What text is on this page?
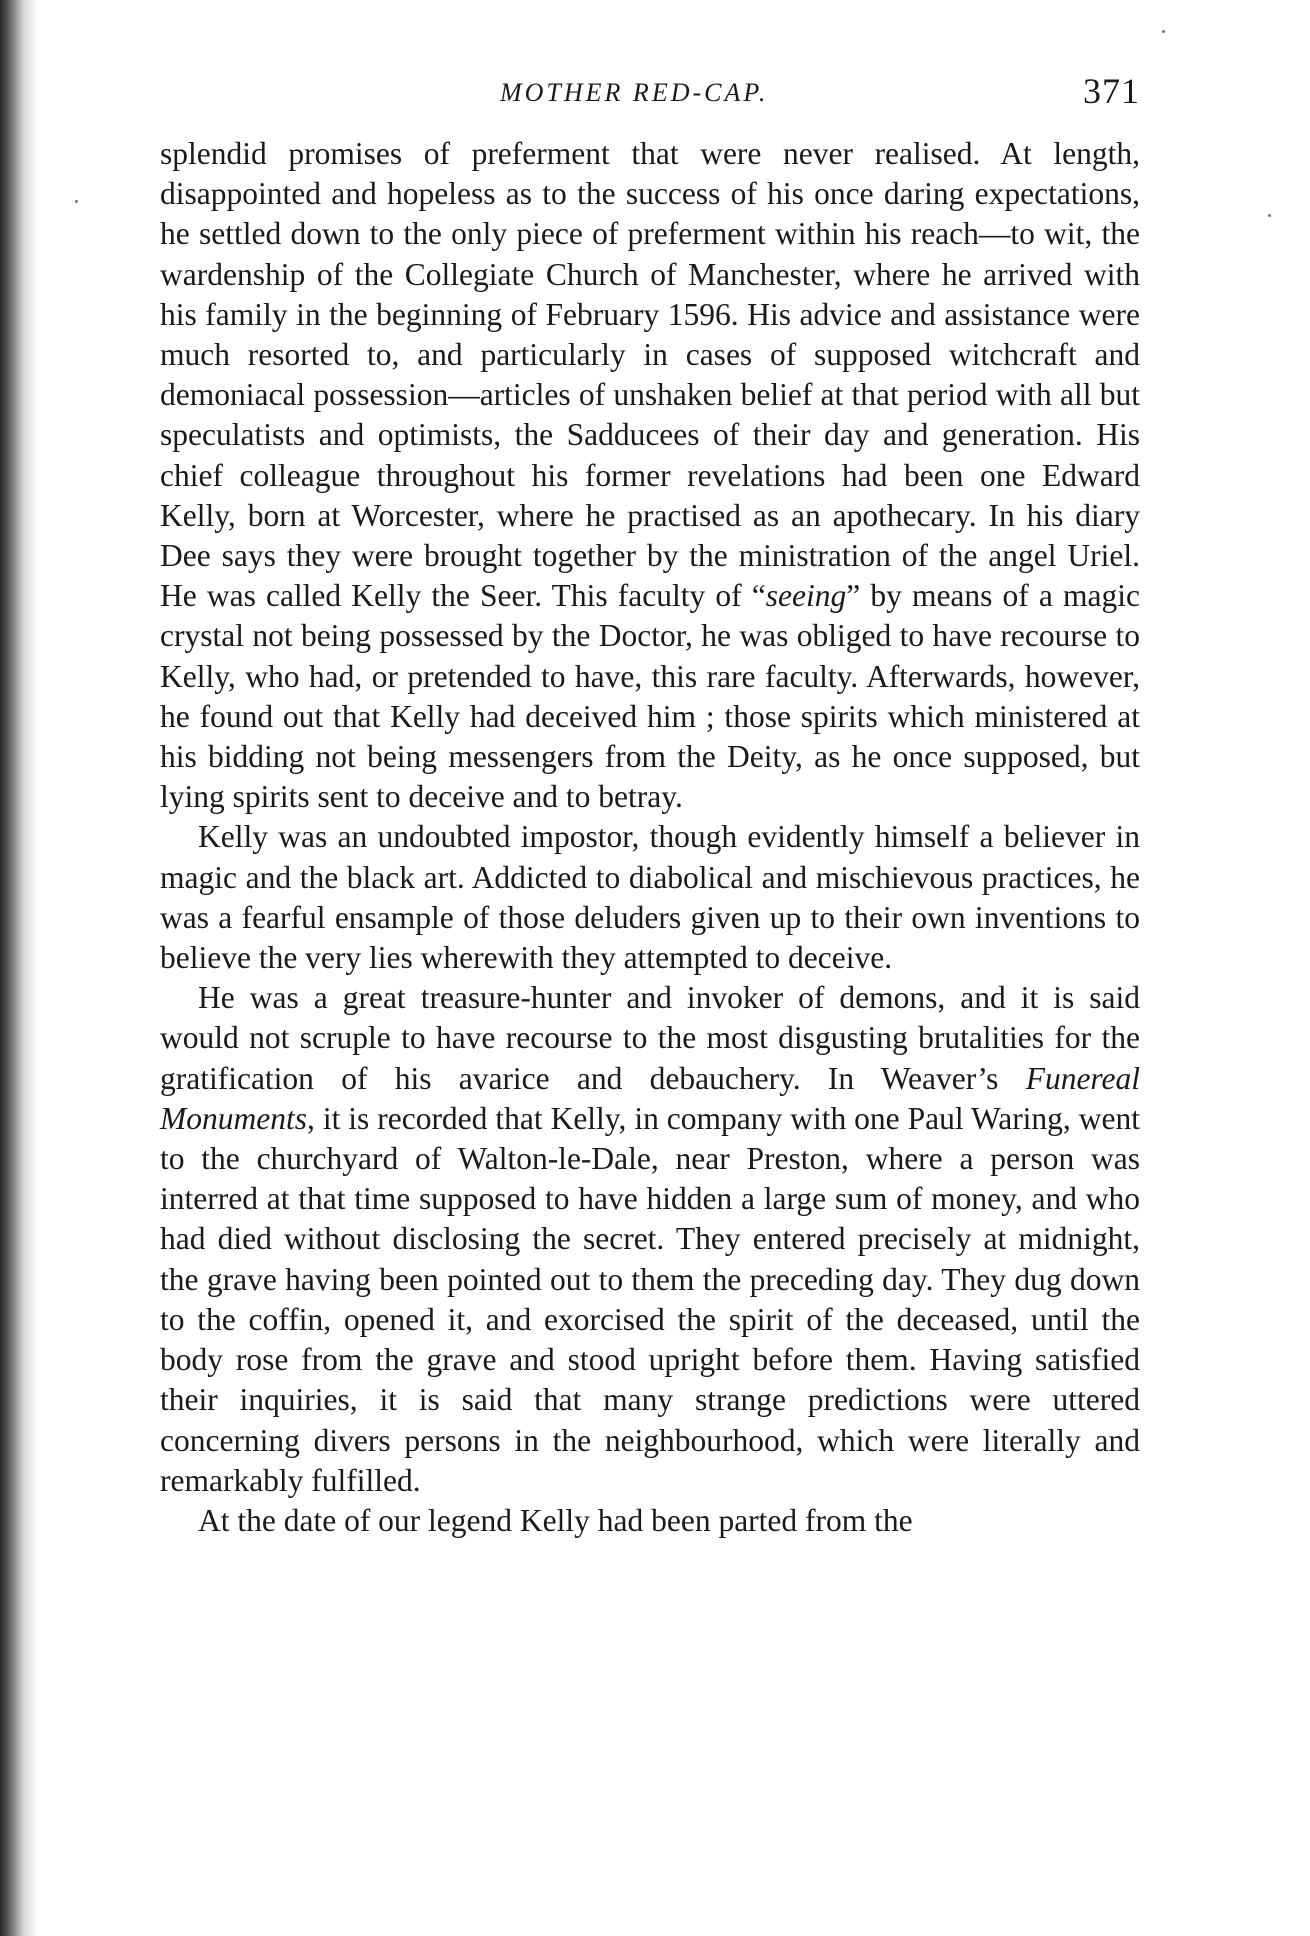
MOTHER RED-CAP.	371

splendid promises of preferment that were never realised. At length, disappointed and hopeless as to the success of his once daring expectations, he settled down to the only piece of preferment within his reach—to wit, the wardenship of the Collegiate Church of Manchester, where he arrived with his family in the beginning of February 1596. His advice and assistance were much resorted to, and particularly in cases of supposed witchcraft and demoniacal possession—articles of unshaken belief at that period with all but speculatists and optimists, the Sadducees of their day and generation. His chief colleague throughout his former revelations had been one Edward Kelly, born at Worcester, where he practised as an apothecary. In his diary Dee says they were brought together by the ministration of the angel Uriel. He was called Kelly the Seer. This faculty of “seeing” by means of a magic crystal not being possessed by the Doctor, he was obliged to have recourse to Kelly, who had, or pretended to have, this rare faculty. Afterwards, however, he found out that Kelly had deceived him ; those spirits which ministered at his bidding not being messengers from the Deity, as he once supposed, but lying spirits sent to deceive and to betray.

Kelly was an undoubted impostor, though evidently himself a believer in magic and the black art. Addicted to diabolical and mischievous practices, he was a fearful ensample of those deluders given up to their own inventions to believe the very lies wherewith they attempted to deceive.

He was a great treasure-hunter and invoker of demons, and it is said would not scruple to have recourse to the most disgusting brutalities for the gratification of his avarice and debauchery. In Weaver’s Funereal Monuments, it is recorded that Kelly, in company with one Paul Waring, went to the churchyard of Walton-le-Dale, near Preston, where a person was interred at that time supposed to have hidden a large sum of money, and who had died without disclosing the secret. They entered precisely at midnight, the grave having been pointed out to them the preceding day. They dug down to the coffin, opened it, and exorcised the spirit of the deceased, until the body rose from the grave and stood upright before them. Having satisfied their inquiries, it is said that many strange predictions were uttered concerning divers persons in the neighbourhood, which were literally and remarkably fulfilled.

At the date of our legend Kelly had been parted from the
